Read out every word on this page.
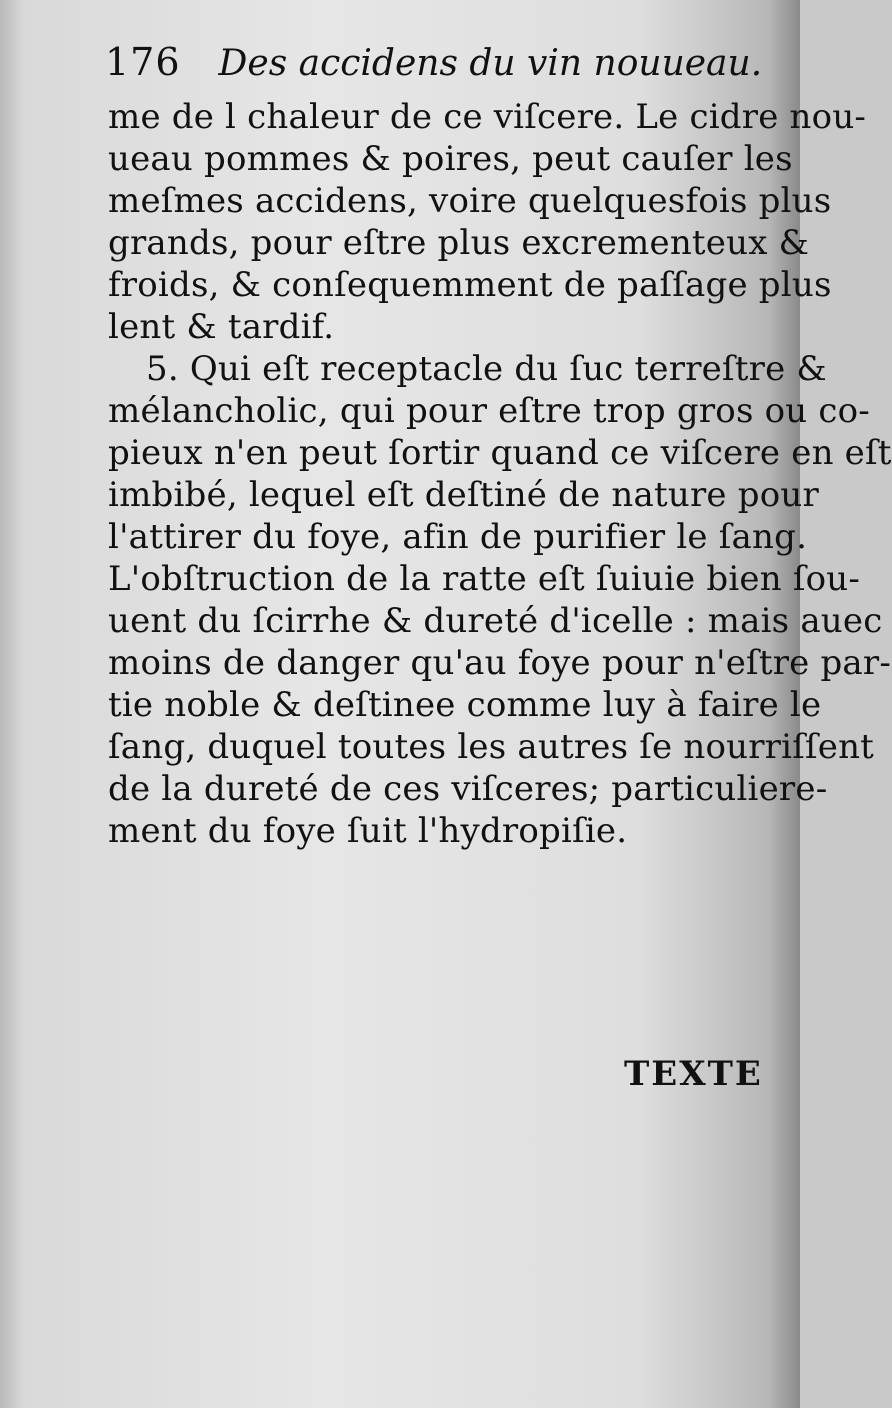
176 Des accidens du vin nouueau.
me de l chaleur de ce viſcere. Le cidre nou-
ueau pommes & poires, peut cauſer les
meſmes accidens, voire quelquesfois plus
grands, pour eſtre plus excrementeux &
froids, & conſequemment de paſſage plus
lent & tardif.
5. Qui eſt receptacle du ſuc terreſtre &
mélancholic, qui pour eſtre trop gros ou co-
pieux n'en peut ſortir quand ce viſcere en eſt
imbibé, lequel eſt deſtiné de nature pour
l'attirer du foye, afin de purifier le ſang.
L'obſtruction de la ratte eſt ſuiuie bien ſou-
uent du ſcirrhe & dureté d'icelle : mais auec
moins de danger qu'au foye pour n'eſtre par-
tie noble & deſtinee comme luy à faire le
ſang, duquel toutes les autres ſe nourriſſent
de la dureté de ces viſceres; particuliere-
ment du foye ſuit l'hydropiſie.
TEXTE
